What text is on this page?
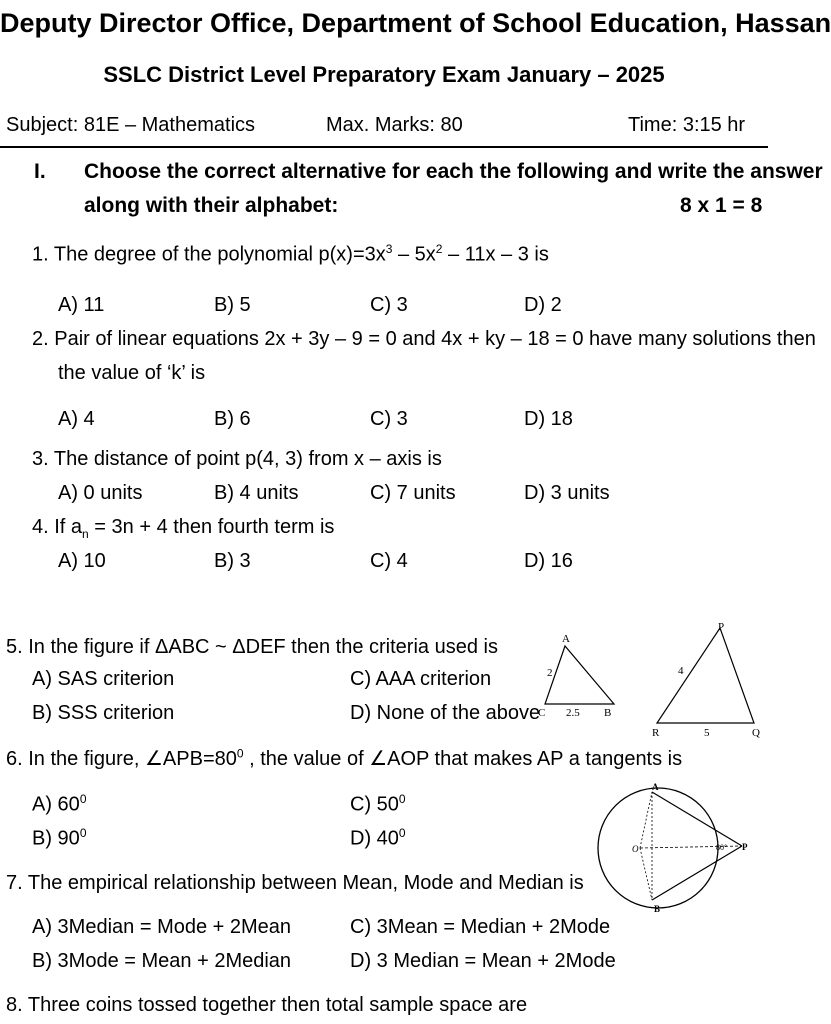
Deputy Director Office, Department of School Education, Hassan
SSLC District Level Preparatory Exam January – 2025
Subject: 81E – Mathematics	Max. Marks: 80	Time: 3:15 hr
I. Choose the correct alternative for each the following and write the answer
along with their alphabet:	8 x 1 = 8
1. The degree of the polynomial $p(x)=3x^3 - 5x^2 - 11x - 3$ is
A) 11	B) 5	C) 3	D) 2
2. Pair of linear equations 2x + 3y – 9 = 0 and 4x + ky – 18 = 0 have many solutions then
the value of ‘k’ is
A) 4	B) 6	C) 3	D) 18
3. The distance of point p(4, 3) from x – axis is
A) 0 units	B) 4 units	C) 7 units	D) 3 units
4. If $a_n = 3n + 4$ then fourth term is
A) 10	B) 3	C) 4	D) 16
5. In the figure if ΔABC ~ ΔDEF then the criteria used is
A) SAS criterion	C) AAA criterion
B) SSS criterion	D) None of the above
A
2
C 2.5 B
P
4
R	5	Q
6. In the figure, $\angle APB=80^0$ , the value of ∠AOP that makes AP a tangents is
A) $60^0$	C) $50^0$
B) $90^0$	D) $40^0$
A
B
O	80° P
7. The empirical relationship between Mean, Mode and Median is
A) 3Median = Mode + 2Mean	C) 3Mean = Median + 2Mode
B) 3Mode = Mean + 2Median	D) 3 Median = Mean + 2Mode
8. Three coins tossed together then total sample space are
